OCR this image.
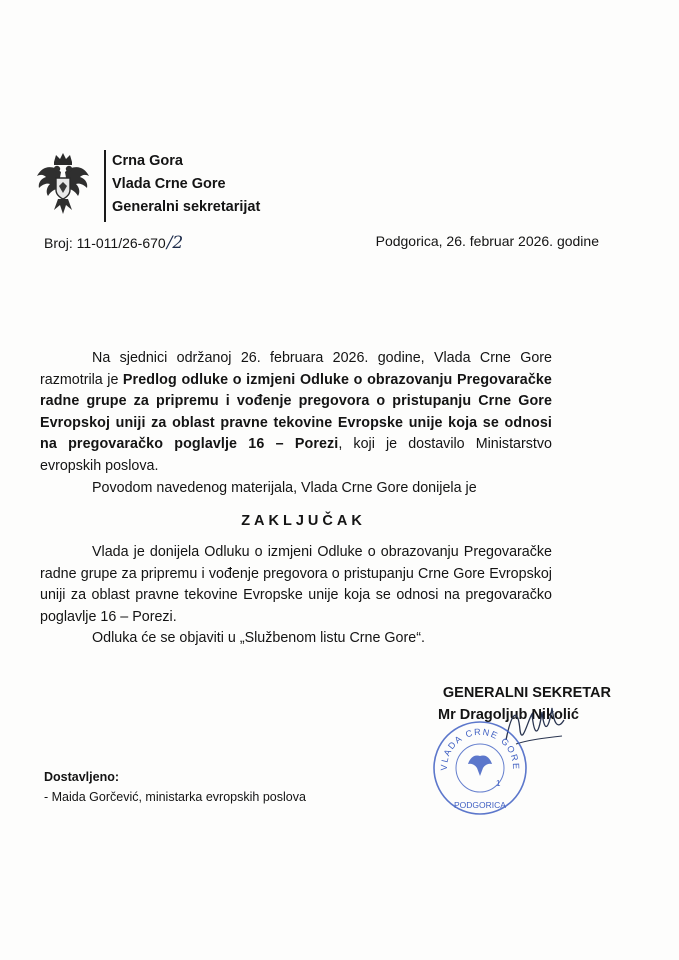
Crna Gora
Vlada Crne Gore
Generalni sekretarijat
Broj: 11-011/26-670/2	Podgorica, 26. februar 2026. godine
Na sjednici održanoj 26. februara 2026. godine, Vlada Crne Gore razmotrila je Predlog odluke o izmjeni Odluke o obrazovanju Pregovaračke radne grupe za pripremu i vođenje pregovora o pristupanju Crne Gore Evropskoj uniji za oblast pravne tekovine Evropske unije koja se odnosi na pregovaračko poglavlje 16 – Porezi, koji je dostavilo Ministarstvo evropskih poslova.
Povodom navedenog materijala, Vlada Crne Gore donijela je
ZAKLJUČAK
Vlada je donijela Odluku o izmjeni Odluke o obrazovanju Pregovaračke radne grupe za pripremu i vođenje pregovora o pristupanju Crne Gore Evropskoj uniji za oblast pravne tekovine Evropske unije koja se odnosi na pregovaračko poglavlje 16 – Porezi.
Odluka će se objaviti u „Službenom listu Crne Gore“.
GENERALNI SEKRETAR
Mr Dragoljub Nikolić
VLADA CRNE GORE
1
PODGORICA
Dostavljeno:
- Maida Gorčević, ministarka evropskih poslova
